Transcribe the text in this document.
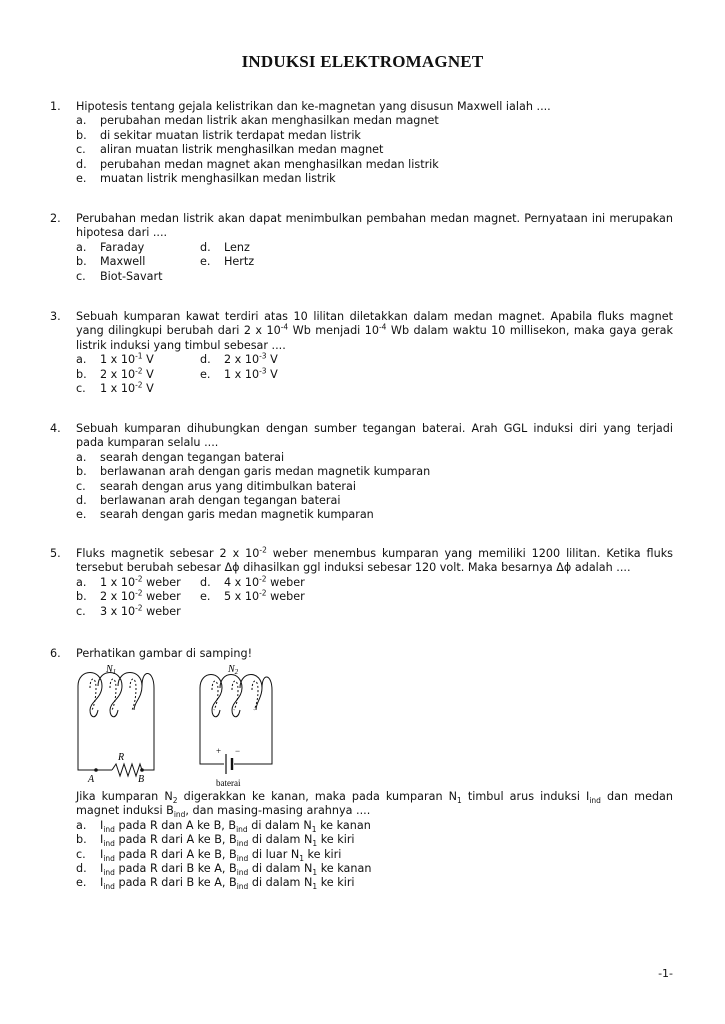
INDUKSI ELEKTROMAGNET
1.	Hipotesis tentang gejala kelistrikan dan ke-magnetan yang disusun Maxwell ialah ....
a.	perubahan medan listrik akan menghasilkan medan magnet
b.	di sekitar muatan listrik terdapat medan listrik
c.	aliran muatan listrik menghasilkan medan magnet
d.	perubahan medan magnet akan menghasilkan medan listrik
e.	muatan listrik menghasilkan medan listrik
2.	Perubahan medan listrik akan dapat menimbulkan pembahan medan magnet. Pernyataan ini merupakan hipotesa dari ....
a.	Faraday	d.	Lenz
b.	Maxwell	e.	Hertz
c.	Biot-Savart
3.	Sebuah kumparan kawat terdiri atas 10 lilitan diletakkan dalam medan magnet. Apabila fluks magnet yang dilingkupi berubah dari 2 x $10^{-4}$ Wb menjadi $10^{-4}$ Wb dalam waktu 10 millisekon, maka gaya gerak listrik induksi yang timbul sebesar ....
a.	1 x $10^{-1}$ V	d.	2 x $10^{-3}$ V
b.	2 x $10^{-2}$ V	e.	1 x $10^{-3}$ V
c.	1 x $10^{-2}$ V
4.	Sebuah kumparan dihubungkan dengan sumber tegangan baterai. Arah GGL induksi diri yang terjadi pada kumparan selalu ....
a.	searah dengan tegangan baterai
b.	berlawanan arah dengan garis medan magnetik kumparan
c.	searah dengan arus yang ditimbulkan baterai
d.	berlawanan arah dengan tegangan baterai
e.	searah dengan garis medan magnetik kumparan
5.	Fluks magnetik sebesar 2 x $10^{-2}$ weber menembus kumparan yang memiliki 1200 lilitan. Ketika fluks tersebut berubah sebesar Δϕ dihasilkan ggl induksi sebesar 120 volt. Maka besarnya Δϕ adalah ....
a.	1 x $10^{-2}$ weber d.	4 x $10^{-2}$ weber
b.	2 x $10^{-2}$ weber e.	5 x $10^{-2}$ weber
c.	3 x $10^{-2}$ weber
6.	Perhatikan gambar di samping!
$N_1$
R
A	B
$N_2$
+ −
baterai
Jika kumparan $N_2$ digerakkan ke kanan, maka pada kumparan $N_1$ timbul arus induksi $I_{ind}$ dan medan magnet induksi $B_{ind}$, dan masing-masing arahnya ....
a.	$I_{ind}$ pada R dan A ke B, $B_{ind}$ di dalam $N_1$ ke kanan
b.	$I_{ind}$ pada R dari A ke B, $B_{ind}$ di dalam $N_1$ ke kiri
c.	$I_{ind}$ pada R dari A ke B, $B_{ind}$ di luar $N_1$ ke kiri
d.	$I_{ind}$ pada R dari B ke A, $B_{ind}$ di dalam $N_1$ ke kanan
e.	$I_{ind}$ pada R dari B ke A, $B_{ind}$ di dalam $N_1$ ke kiri
-1-
